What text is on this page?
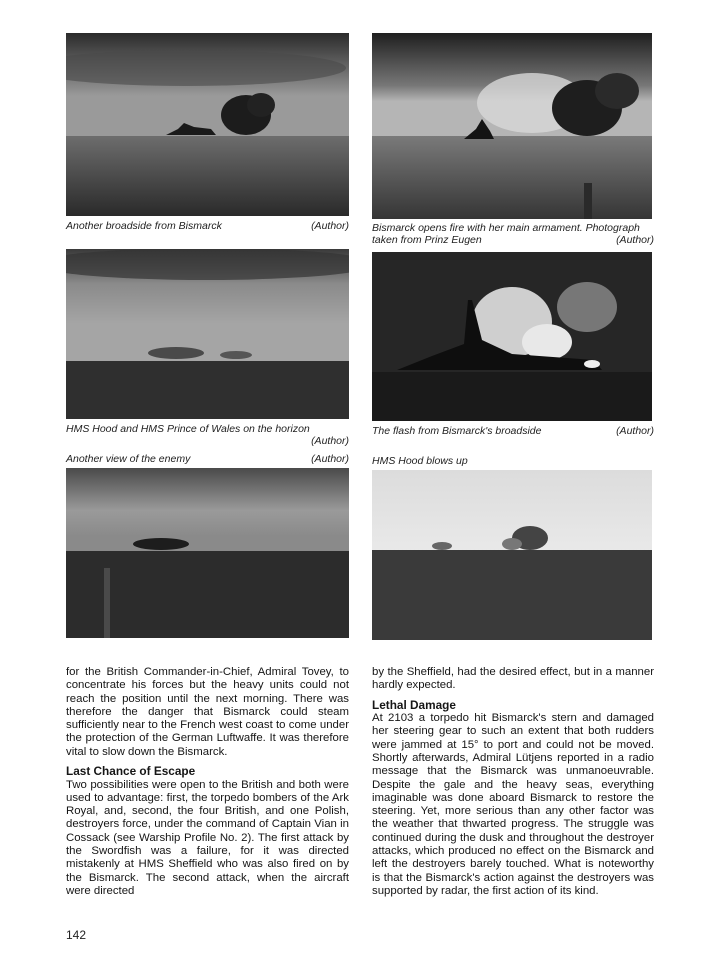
Another broadside from Bismarck	(Author) Bismarck opens fire with her main armament. Photograph
taken from Prinz Eugen	(Author)
HMS Hood and HMS Prince of Wales on the horizon
(Author)
The flash from Bismarck's broadside	(Author)
Another view of the enemy	(Author) HMS Hood blows up

for the British Commander-in-Chief, Admiral Tovey, to concentrate his forces but the heavy units could not reach the position until the next morning. There was therefore the danger that Bismarck could steam sufficiently near to the French west coast to come under the protection of the German Luftwaffe. It was therefore vital to slow down the Bismarck.

Last Chance of Escape

Two possibilities were open to the British and both were used to advantage: first, the torpedo bombers of the Ark Royal, and, second, the four British, and one Polish, destroyers force, under the command of Captain Vian in Cossack (see Warship Profile No. 2). The first attack by the Swordfish was a failure, for it was directed mistakenly at HMS Sheffield who was also fired on by the Bismarck. The second attack, when the aircraft were directed

by the Sheffield, had the desired effect, but in a manner hardly expected.

Lethal Damage

At 2103 a torpedo hit Bismarck's stern and damaged her steering gear to such an extent that both rudders were jammed at 15° to port and could not be moved. Shortly afterwards, Admiral Lütjens reported in a radio message that the Bismarck was unmanoeuvrable. Despite the gale and the heavy seas, everything imaginable was done aboard Bismarck to restore the steering. Yet, more serious than any other factor was the weather that thwarted progress. The struggle was continued during the dusk and throughout the destroyer attacks, which produced no effect on the Bismarck and left the destroyers barely touched. What is noteworthy is that the Bismarck's action against the destroyers was supported by radar, the first action of its kind.

142
